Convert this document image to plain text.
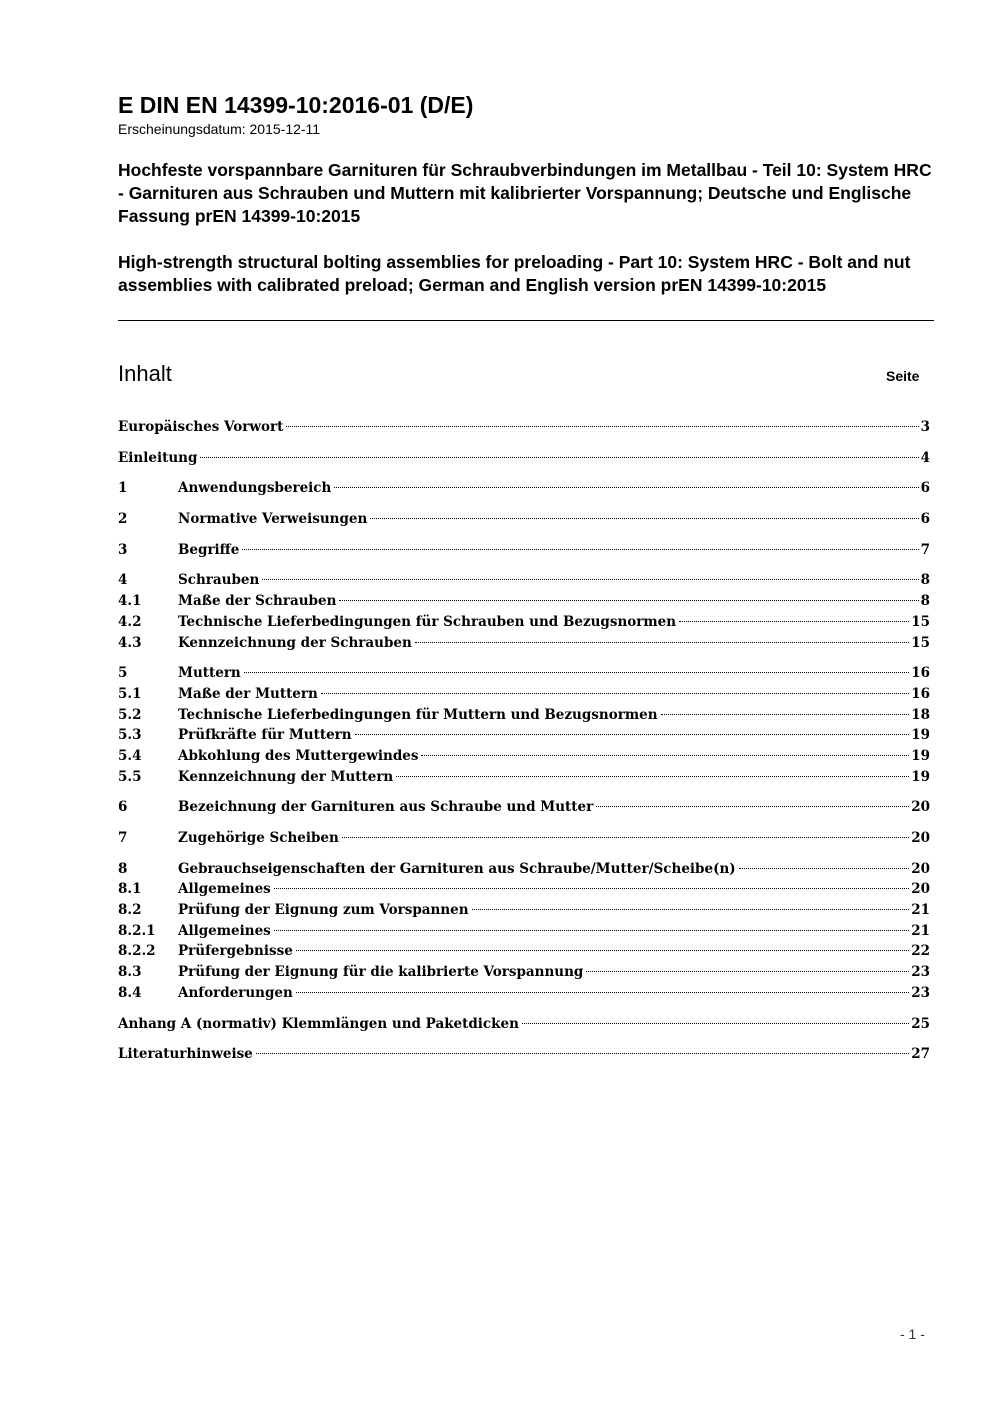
E DIN EN 14399-10:2016-01 (D/E)
Erscheinungsdatum: 2015-12-11
Hochfeste vorspannbare Garnituren für Schraubverbindungen im Metallbau - Teil 10: System HRC - Garnituren aus Schrauben und Muttern mit kalibrierter Vorspannung; Deutsche und Englische Fassung prEN 14399-10:2015
High-strength structural bolting assemblies for preloading - Part 10: System HRC - Bolt and nut assemblies with calibrated preload; German and English version prEN 14399-10:2015
Inhalt	Seite
Europäisches Vorwort	3
Einleitung	4
1	Anwendungsbereich	6
2	Normative Verweisungen	6
3	Begriffe	7
4	Schrauben	8
4.1	Maße der Schrauben	8
4.2	Technische Lieferbedingungen für Schrauben und Bezugsnormen	15
4.3	Kennzeichnung der Schrauben	15
5	Muttern	16
5.1	Maße der Muttern	16
5.2	Technische Lieferbedingungen für Muttern und Bezugsnormen	18
5.3	Prüfkräfte für Muttern	19
5.4	Abkohlung des Muttergewindes	19
5.5	Kennzeichnung der Muttern	19
6	Bezeichnung der Garnituren aus Schraube und Mutter	20
7	Zugehörige Scheiben	20
8	Gebrauchseigenschaften der Garnituren aus Schraube/Mutter/Scheibe(n)	20
8.1	Allgemeines	20
8.2	Prüfung der Eignung zum Vorspannen	21
8.2.1	Allgemeines	21
8.2.2	Prüfergebnisse	22
8.3	Prüfung der Eignung für die kalibrierte Vorspannung	23
8.4	Anforderungen	23
Anhang A (normativ) Klemmlängen und Paketdicken	25
Literaturhinweise	27
- 1 -
